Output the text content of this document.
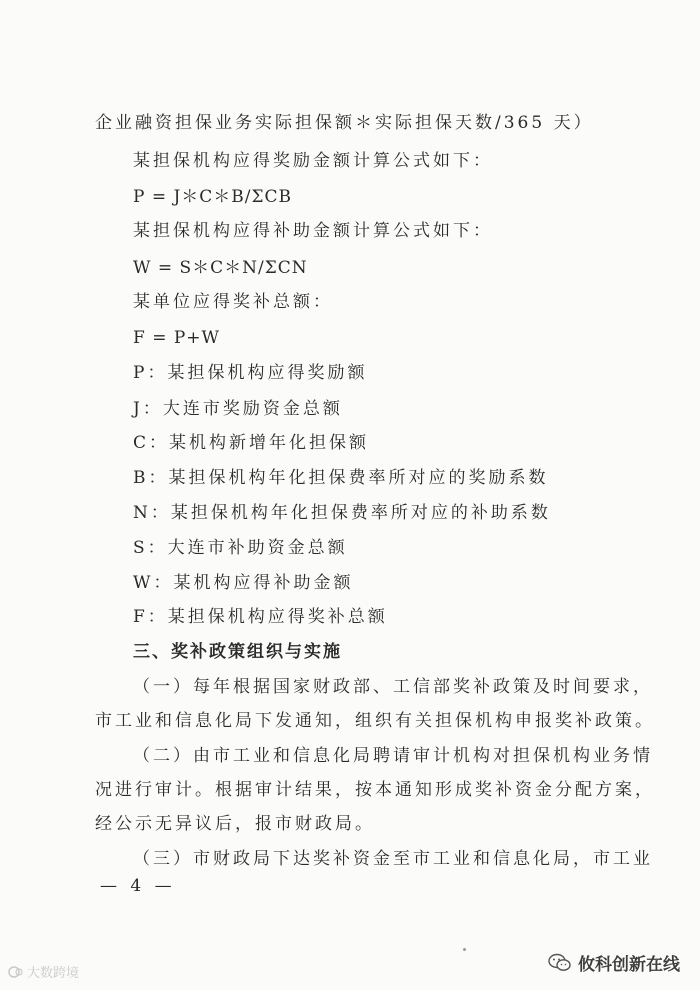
企业融资担保业务实际担保额＊实际担保天数/365 天）
某担保机构应得奖励金额计算公式如下：
P = J＊C＊B/ΣCB
某担保机构应得补助金额计算公式如下：
W = S＊C＊N/ΣCN
某单位应得奖补总额：
F = P+W
P：某担保机构应得奖励额
J：大连市奖励资金总额
C：某机构新增年化担保额
B：某担保机构年化担保费率所对应的奖励系数
N：某担保机构年化担保费率所对应的补助系数
S：大连市补助资金总额
W：某机构应得补助金额
F：某担保机构应得奖补总额
三、奖补政策组织与实施
（一）每年根据国家财政部、工信部奖补政策及时间要求，
市工业和信息化局下发通知，组织有关担保机构申报奖补政策。
（二）由市工业和信息化局聘请审计机构对担保机构业务情
况进行审计。根据审计结果，按本通知形成奖补资金分配方案，
经公示无异议后，报市财政局。
（三）市财政局下达奖补资金至市工业和信息化局，市工业
— 4 —
大数跨境	攸科创新在线
